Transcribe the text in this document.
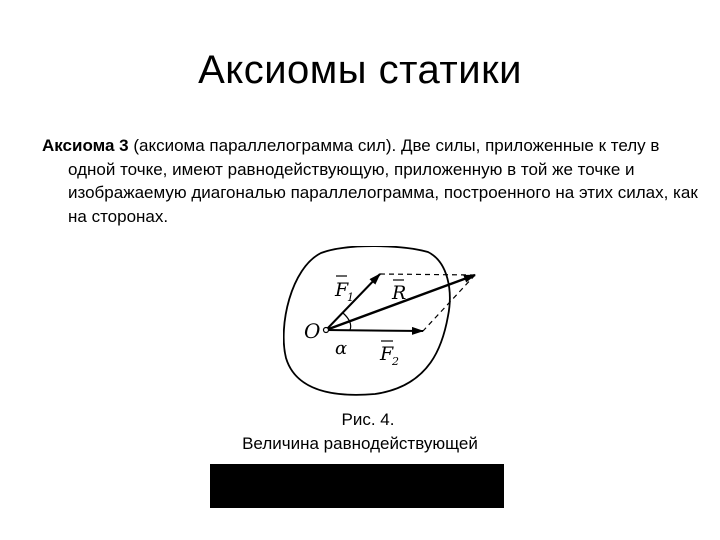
Аксиомы статики
Аксиома 3 (аксиома параллелограмма сил). Две силы, приложенные к телу в одной точке, имеют равнодействующую, приложенную в той же точке и изображаемую диагональю параллелограмма, построенного на этих силах, как на сторонах.
F
1 R
O
α F
2
Рис. 4.
Величина равнодействующей
